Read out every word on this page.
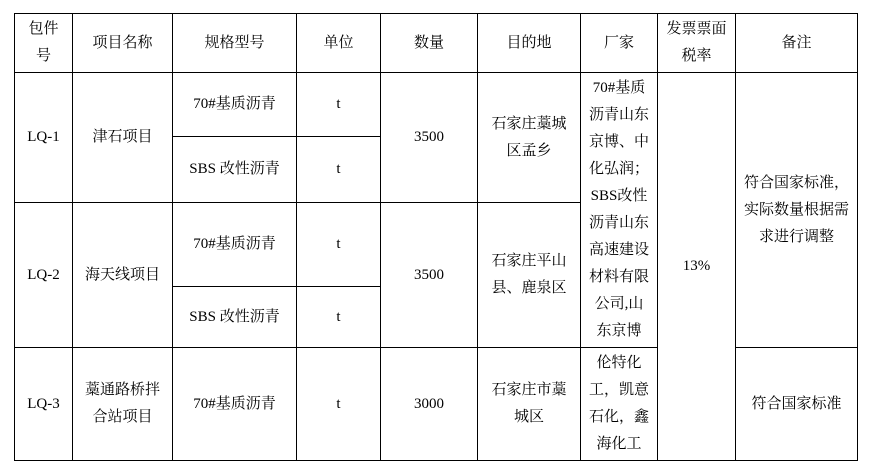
包件号	项目名称	规格型号	单位	数量	目的地	厂家	发票票面税率	备注
LQ-1	津石项目	70#基质沥青	t	3500	石家庄藁城区孟乡	70#基质沥青山东京博、中化弘润；SBS改性沥青山东高速建设材料有限公司,山东京博	13%	符合国家标准，实际数量根据需求进行调整
		SBS 改性沥青	t					
LQ-2	海天线项目	70#基质沥青	t	3500	石家庄平山县、鹿泉区			
		SBS 改性沥青	t					
LQ-3	藁通路桥拌合站项目	70#基质沥青	t	3000	石家庄市藁城区	伦特化工，凯意石化，鑫海化工		符合国家标准
